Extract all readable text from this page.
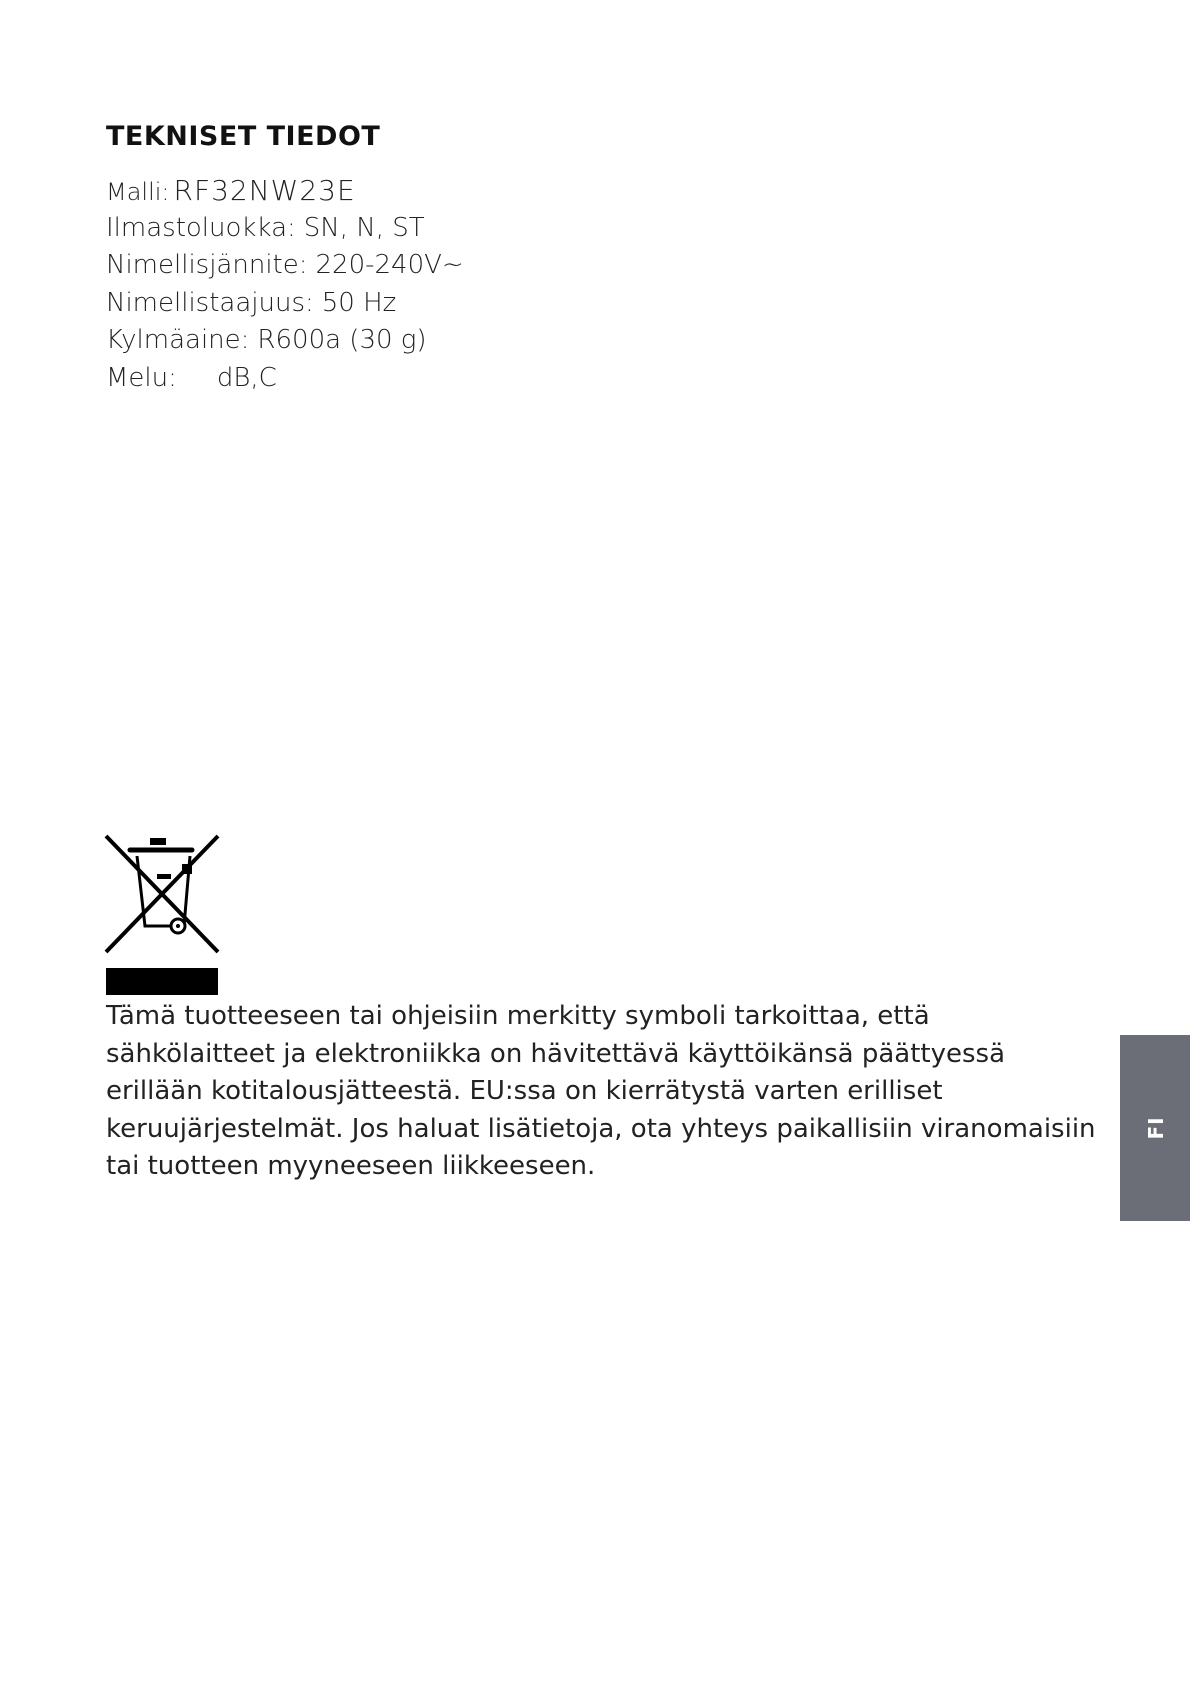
TEKNISET TIEDOT
Malli: RF32NW23E
Ilmastoluokka: SN, N, ST
Nimellisjännite: 220-240V~
Nimellistaajuus: 50 Hz
Kylmäaine: R600a (30 g)
Melu: dB,C

Tämä tuotteeseen tai ohjeisiin merkitty symboli tarkoittaa, että sähkölaitteet ja elektroniikka on hävitettävä käyttöikänsä päättyessä erillään kotitalousjätteestä. EU:ssa on kierrätystä varten erilliset keruujärjestelmät. Jos haluat lisätietoja, ota yhteys paikallisiin viranomaisiin tai tuotteen myyneeseen liikkeeseen.

FI
